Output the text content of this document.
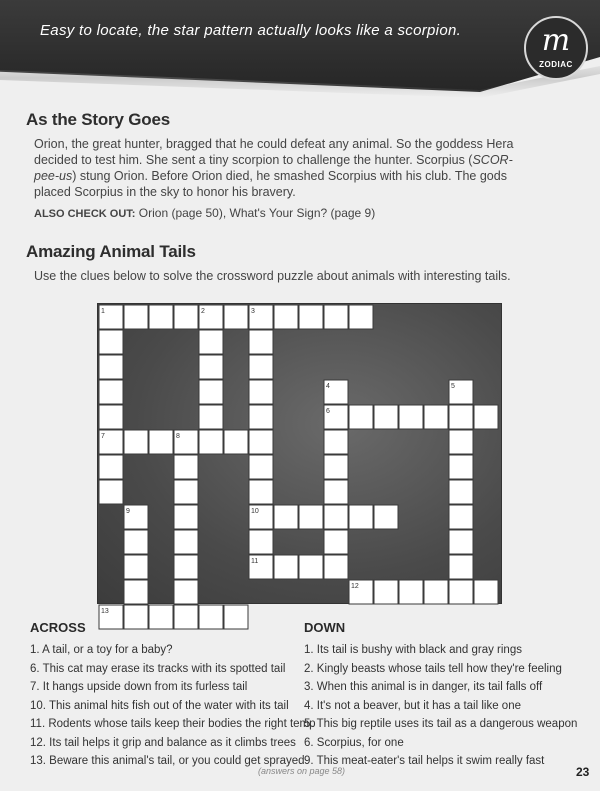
Easy to locate, the star pattern actually looks like a scorpion.	m
ZODIAC
As the Story Goes
Orion, the great hunter, bragged that he could defeat any animal. So the goddess Hera decided to test him. She sent a tiny scorpion to challenge the hunter. Scorpius (SCOR-pee-us) stung Orion. Before Orion died, he smashed Scorpius with his club. The gods placed Scorpius in the sky to honor his bravery.
ALSO CHECK OUT: Orion (page 50), What's Your Sign? (page 9)
Amazing Animal Tails
Use the clues below to solve the crossword puzzle about animals with interesting tails.
1	2	3
4	5
6
7	8
9	10
11
12
13
ACROSS
1. A tail, or a toy for a baby?
6. This cat may erase its tracks with its spotted tail
7. It hangs upside down from its furless tail
10. This animal hits fish out of the water with its tail
11. Rodents whose tails keep their bodies the right temp
12. Its tail helps it grip and balance as it climbs trees
13. Beware this animal's tail, or you could get sprayed
DOWN
1. Its tail is bushy with black and gray rings
2. Kingly beasts whose tails tell how they're feeling
3. When this animal is in danger, its tail falls off
4. It's not a beaver, but it has a tail like one
5. This big reptile uses its tail as a dangerous weapon
6. Scorpius, for one
9. This meat-eater's tail helps it swim really fast
(answers on page 58)	23
